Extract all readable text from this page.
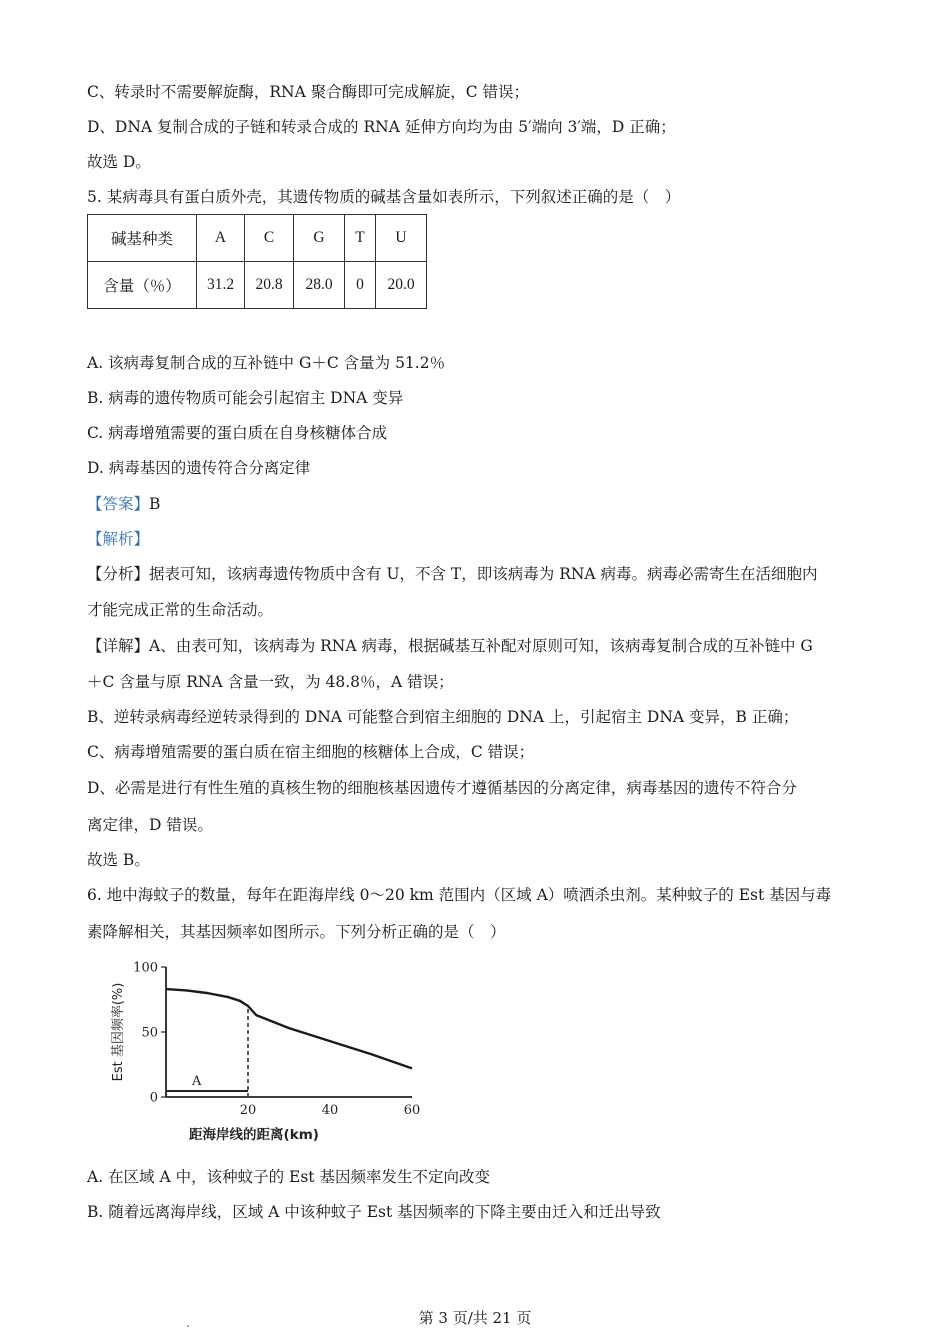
C、转录时不需要解旋酶，RNA 聚合酶即可完成解旋，C 错误；
D、DNA 复制合成的子链和转录合成的 RNA 延伸方向均为由 5′端向 3′端，D 正确；
故选 D。
5. 某病毒具有蛋白质外壳，其遗传物质的碱基含量如表所示，下列叙述正确的是（　）
碱基种类	A	C	G	T	U
含量（％）	31.2	20.8	28.0	0	20.0
A. 该病毒复制合成的互补链中 G＋C 含量为 51.2％
B. 病毒的遗传物质可能会引起宿主 DNA 变异
C. 病毒增殖需要的蛋白质在自身核糖体合成
D. 病毒基因的遗传符合分离定律
【答案】B
【解析】
【分析】据表可知，该病毒遗传物质中含有 U，不含 T，即该病毒为 RNA 病毒。病毒必需寄生在活细胞内
才能完成正常的生命活动。
【详解】A、由表可知，该病毒为 RNA 病毒，根据碱基互补配对原则可知，该病毒复制合成的互补链中 G
＋C 含量与原 RNA 含量一致，为 48.8％，A 错误；
B、逆转录病毒经逆转录得到的 DNA 可能整合到宿主细胞的 DNA 上，引起宿主 DNA 变异，B 正确；
C、病毒增殖需要的蛋白质在宿主细胞的核糖体上合成，C 错误；
D、必需是进行有性生殖的真核生物的细胞核基因遗传才遵循基因的分离定律，病毒基因的遗传不符合分
离定律，D 错误。
故选 B。
6. 地中海蚊子的数量，每年在距海岸线 0～20 km 范围内（区域 A）喷洒杀虫剂。某种蚊子的 Est 基因与毒
素降解相关，其基因频率如图所示。下列分析正确的是（　）
20	40	60
0
50
100
A
距海岸线的距离(km)
Est 基因频率(%)
A. 在区域 A 中，该种蚊子的 Est 基因频率发生不定向改变
B. 随着远离海岸线，区域 A 中该种蚊子 Est 基因频率的下降主要由迁入和迁出导致
第 3 页/共 21 页
